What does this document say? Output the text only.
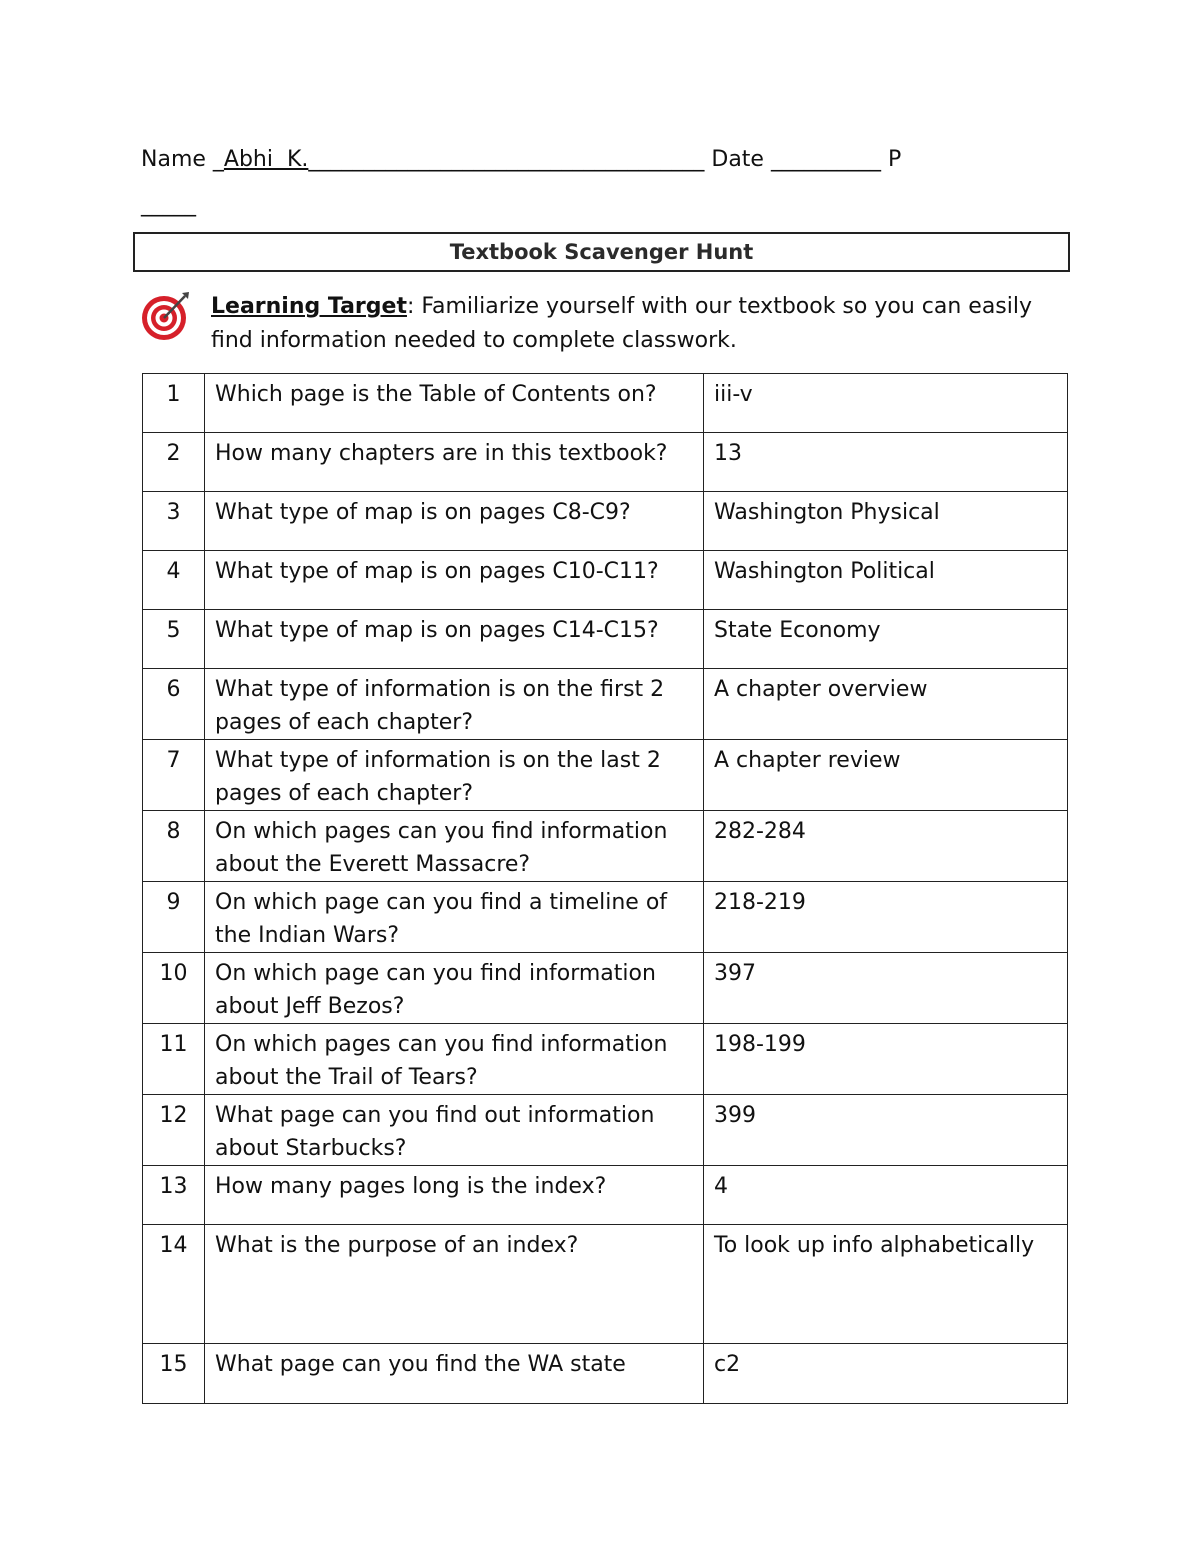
Name _Abhi  K.____________________________________ Date __________ P
_____
Textbook Scavenger Hunt
Learning Target: Familiarize yourself with our textbook so you can easily find information needed to complete classwork.
1	Which page is the Table of Contents on?	iii-v
2	How many chapters are in this textbook?	13
3	What type of map is on pages C8-C9?	Washington Physical
4	What type of map is on pages C10-C11?	Washington Political
5	What type of map is on pages C14-C15?	State Economy
6	What type of information is on the first 2 pages of each chapter?	A chapter overview
7	What type of information is on the last 2 pages of each chapter?	A chapter review
8	On which pages can you find information about the Everett Massacre?	282-284
9	On which page can you find a timeline of the Indian Wars?	218-219
10	On which page can you find information about Jeff Bezos?	397
11	On which pages can you find information about the Trail of Tears?	198-199
12	What page can you find out information about Starbucks?	399
13	How many pages long is the index?	4
14	What is the purpose of an index?	To look up info alphabetically
15	What page can you find the WA state	c2
